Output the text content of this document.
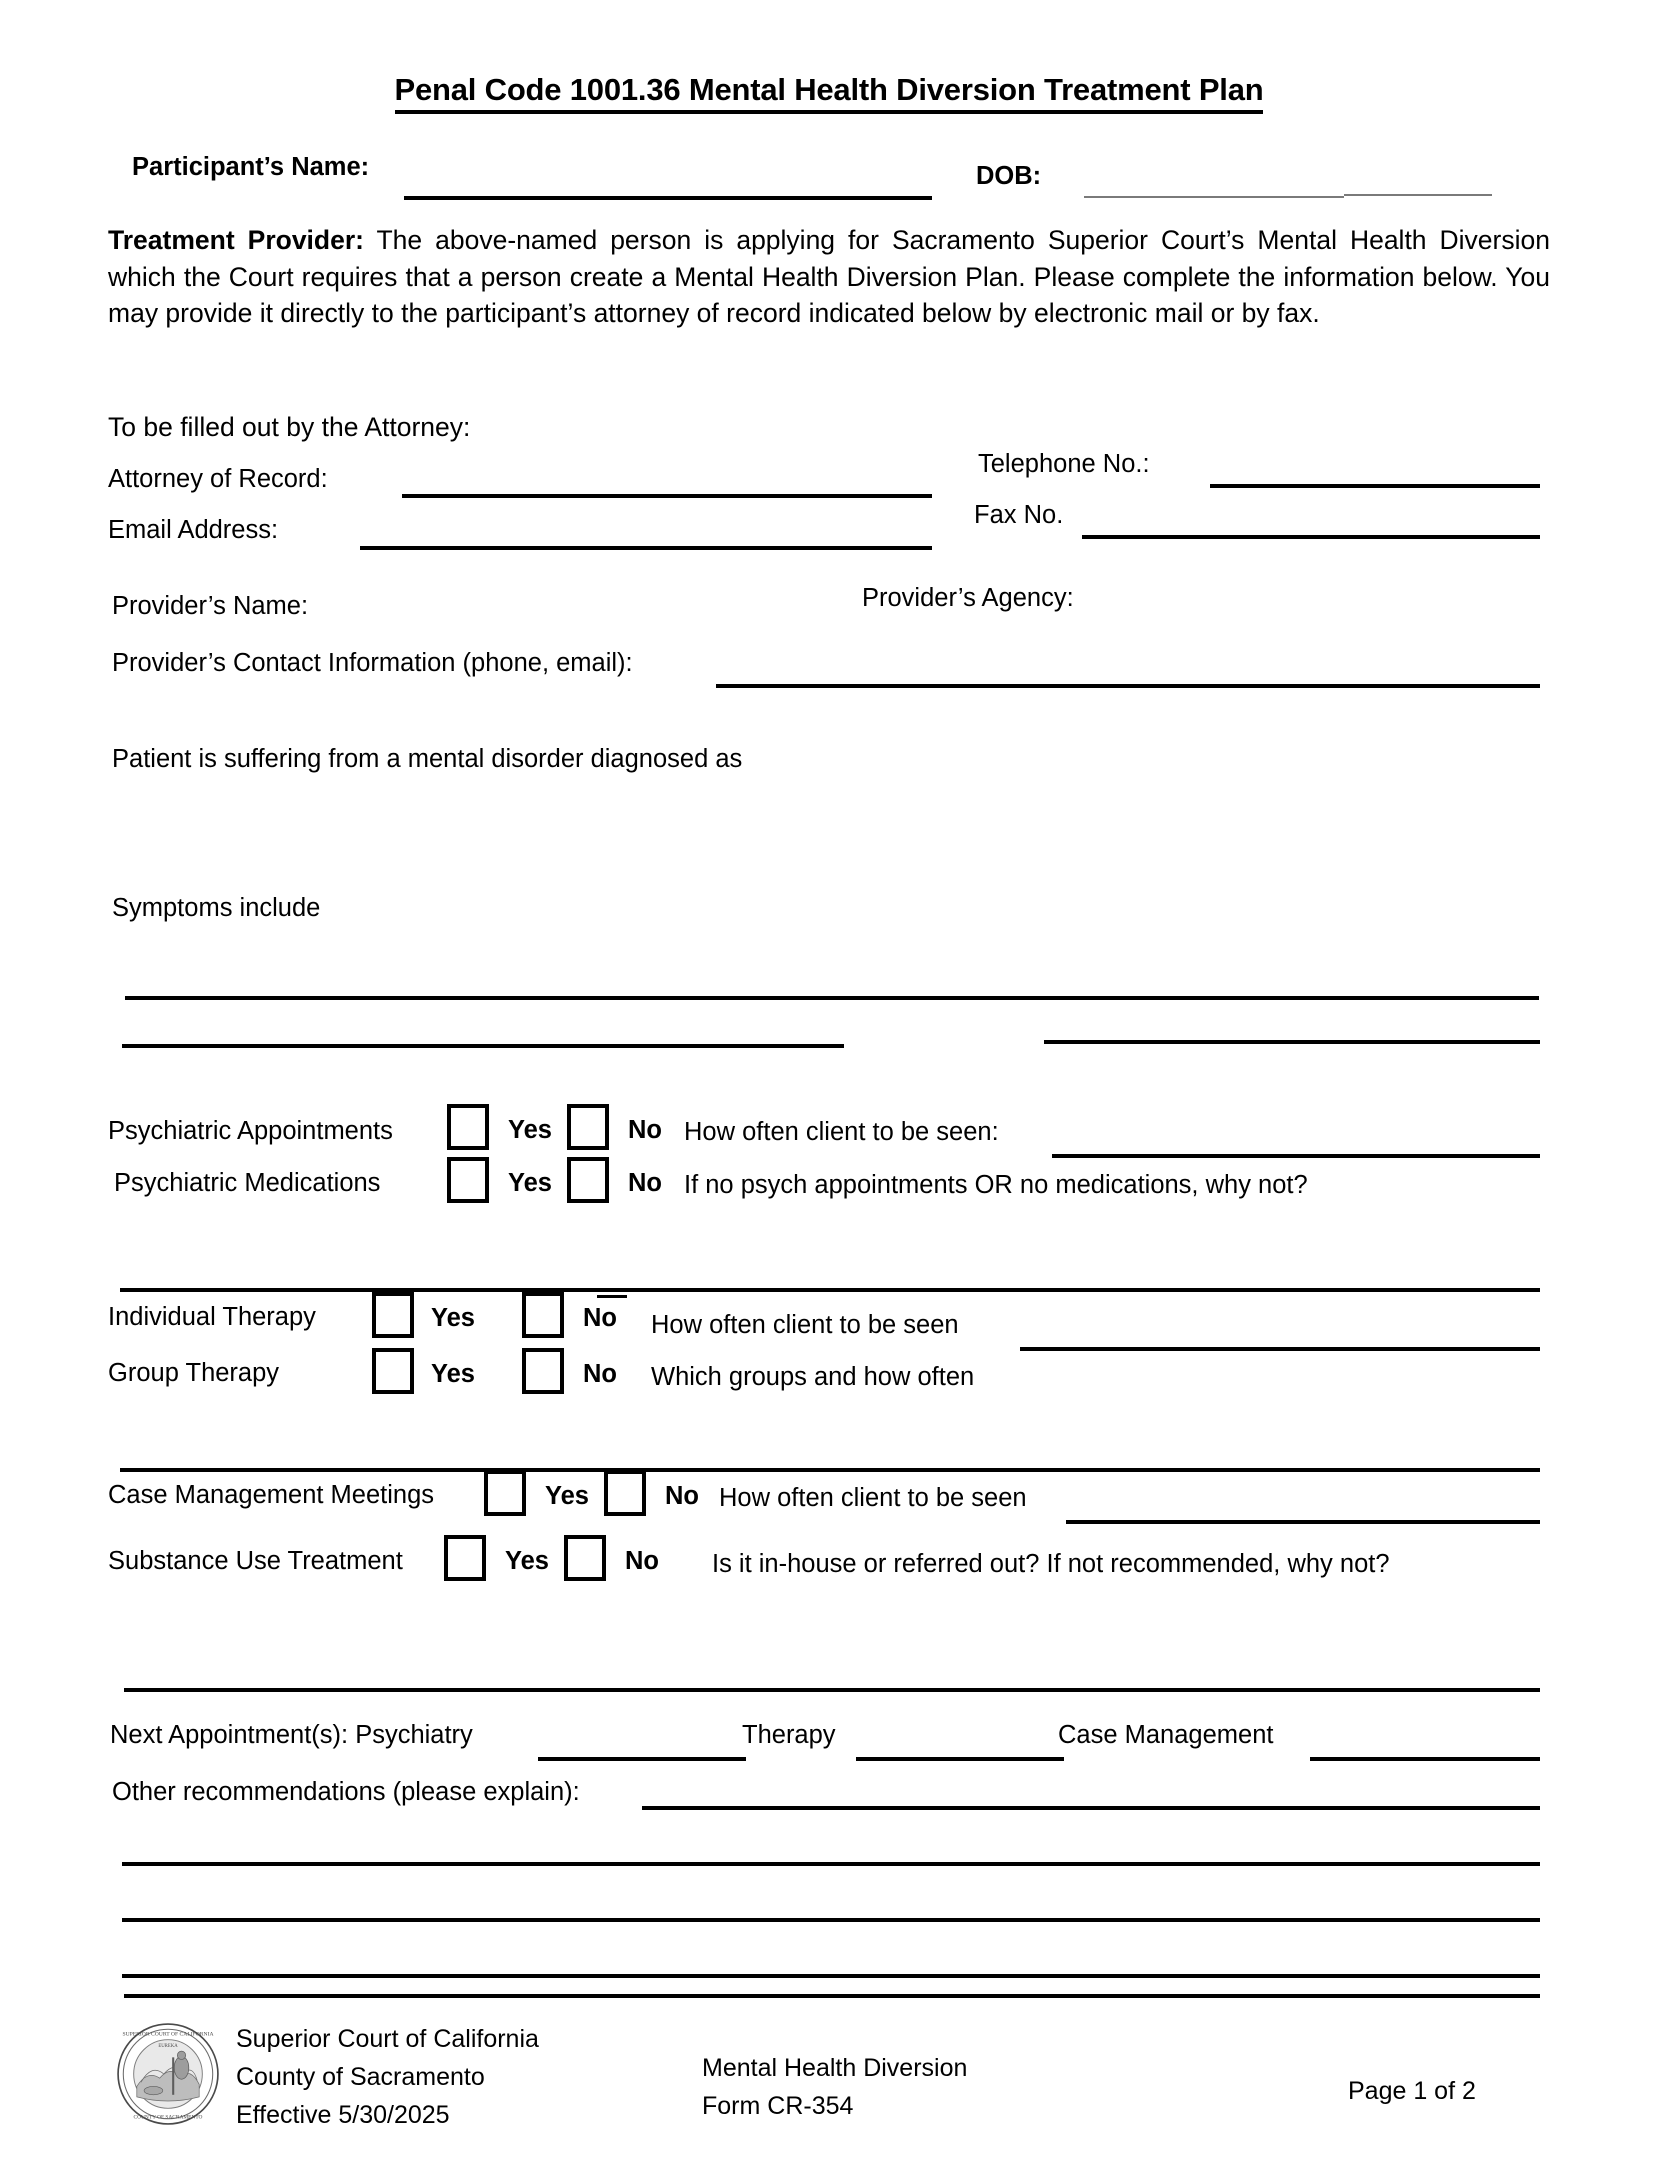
Penal Code 1001.36 Mental Health Diversion Treatment Plan
Participant’s Name:	DOB:
Treatment Provider: The above-named person is applying for Sacramento Superior Court’s Mental Health Diversion which the Court requires that a person create a Mental Health Diversion Plan. Please complete the information below. You may provide it directly to the participant’s attorney of record indicated below by electronic mail or by fax.
To be filled out by the Attorney:
Attorney of Record:
Email Address:
Telephone No.:
Fax No.
Provider’s Name:	Provider’s Agency:
Provider’s Contact Information (phone, email):
Patient is suffering from a mental disorder diagnosed as
Symptoms include
Psychiatric Appointments	Yes	No How often client to be seen:
Psychiatric Medications	Yes	No If no psych appointments OR no medications, why not?
Individual Therapy	Yes	No How often client to be seen
Group Therapy	Yes	No Which groups and how often
Case Management Meetings	Yes	No How often client to be seen
Substance Use Treatment	Yes	No Is it in-house or referred out? If not recommended, why not?
Next Appointment(s): Psychiatry	Therapy	Case Management
Other recommendations (please explain):
SUPERIOR COURT OF CALIFORNIA
EUREKA
COUNTY OF SACRAMENTO
Superior Court of California
County of Sacramento
Effective 5/30/2025
Mental Health Diversion
Form CR-354
Page 1 of 2
